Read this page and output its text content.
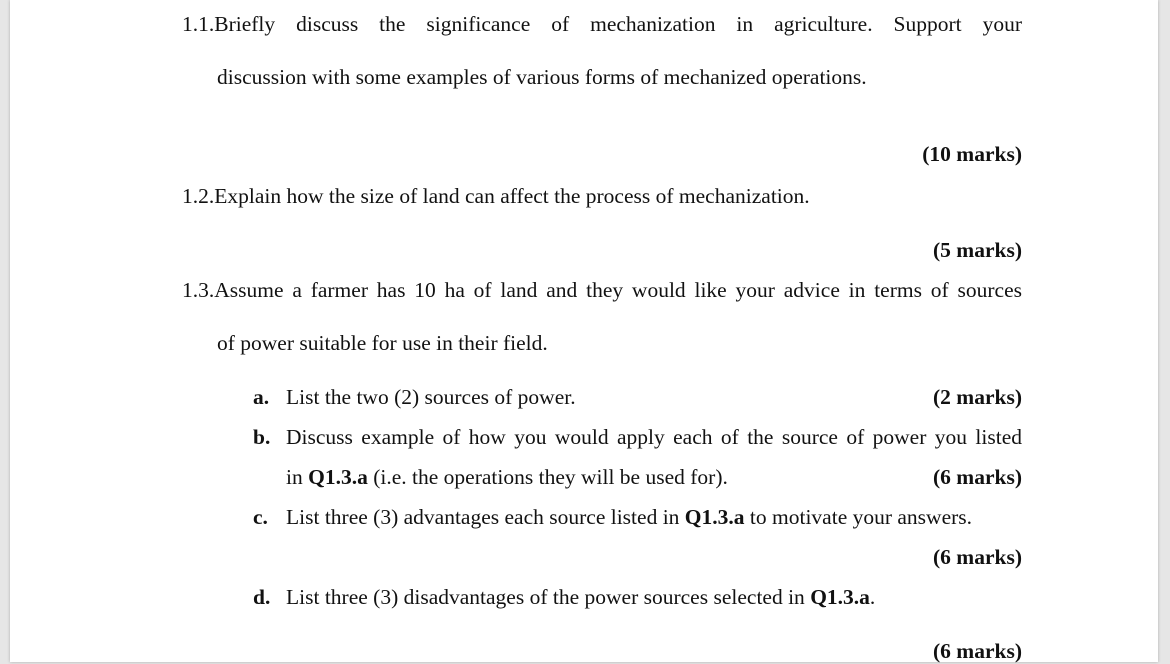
1.1.Briefly discuss the significance of mechanization in agriculture. Support your
discussion with some examples of various forms of mechanized operations.
(10 marks)
1.2.Explain how the size of land can affect the process of mechanization.
(5 marks)
1.3.Assume a farmer has 10 ha of land and they would like your advice in terms of sources
of power suitable for use in their field.
a. List the two (2) sources of power.	(2 marks)
b. Discuss example of how you would apply each of the source of power you listed
in Q1.3.a (i.e. the operations they will be used for).	(6 marks)
c. List three (3) advantages each source listed in Q1.3.a to motivate your answers.
(6 marks)
d. List three (3) disadvantages of the power sources selected in Q1.3.a.
(6 marks)
